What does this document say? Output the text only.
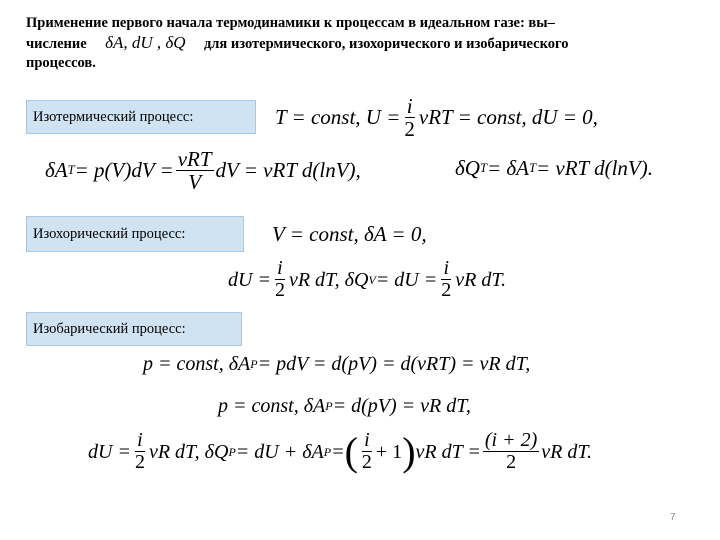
Применение первого начала термодинамики к процессам в идеальном газе: вы–
числение δA, dU , δQ для изотермического, изохорического и изобарического
процессов.
Изотермический процесс:	T = const, $U = \frac{i}{2}$ νRT = const, dU = 0,
δA $T = p(V)dV = \frac{\text{νRT}}{V}$ dV = νRT d(lnV),	δQ T = δA T = νRT d(lnV).
Изохорический процесс:	V = const, δA = 0,
dU = $\frac{i}{2}$ νR dT, δQ V = dU = $\frac{i}{2}$ νR dT.
Изобарический процесс:
p = const, δA P = pdV = d(pV) = d(νRT) = νR dT,
p = const, δA P = d(pV) = νR dT,
dU = $\frac{i}{2}$ νR dT, δQ P = dU + δA P = ( $\frac{i}{2} + 1$ ) νR dT = $\frac{(i + 2)}{2}$ νR dT.
7
